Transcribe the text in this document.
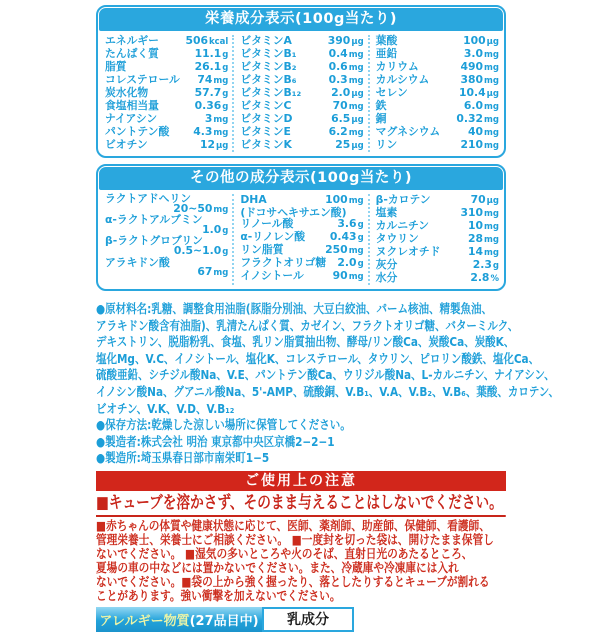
栄養成分表示(100g当たり)
エネルギー 506 kcal
たんぱく質	11.1 g
脂質	26.1 g
コレステロール 74 mg
炭水化物	57.7 g
食塩相当量	0.36 g
ナイアシン	3 mg
パントテン酸 4.3 mg
ビオチン	12 µg
ビタミンA	390 µg
ビタミンB₁	0.4 mg
ビタミンB₂	0.6 mg
ビタミンB₆	0.3 mg
ビタミンB₁₂	2.0 µg
ビタミンC	70 mg
ビタミンD	6.5 µg
ビタミンE	6.2 mg
ビタミンK	25 µg
葉酸	100 µg
亜鉛	3.0 mg
カリウム	490 mg
カルシウム	380 mg
セレン	10.4 µg
鉄	6.0 mg
銅	0.32 mg
マグネシウム	40 mg
リン	210 mg
その他の成分表示(100g当たり)
ラクトアドヘリン
20~50 mg
α-ラクトアルブミン
1.0 g
β-ラクトグロブリン
0.5~1.0 g
アラキドン酸
67 mg
DHA	100 mg
(ドコサヘキサエン酸)
リノール酸	3.6 g
α-リノレン酸 0.43 g
リン脂質	250 mg
フラクトオリゴ糖 2.0 g
イノシトール	90 mg
β-カロテン	70 µg
塩素	310 mg
カルニチン	10 mg
タウリン	28 mg
ヌクレオチド	14 mg
灰分	2.3 g
水分	2.8 %
●原材料名:乳糖、調整食用油脂(豚脂分別油、大豆白絞油、パーム核油、精製魚油、
アラキドン酸含有油脂)、乳清たんぱく質、カゼイン、フラクトオリゴ糖、バターミルク、
デキストリン、脱脂粉乳、食塩、乳リン脂質抽出物、酵母/リン酸Ca、炭酸Ca、炭酸K、
塩化Mg、V.C、イノシトール、塩化K、コレステロール、タウリン、ピロリン酸鉄、塩化Ca、
硫酸亜鉛、シチジル酸Na、V.E、パントテン酸Ca、ウリジル酸Na、L-カルニチン、ナイアシン、
イノシン酸Na、グアニル酸Na、5'-AMP、硫酸銅、V.B₁、V.A、V.B₂、V.B₆、葉酸、カロテン、
ビオチン、V.K、V.D、V.B₁₂
●保存方法:乾燥した涼しい場所に保管してください。
●製造者:株式会社 明治 東京都中央区京橋2−2−1
●製造所:埼玉県春日部市南栄町1−5
ご使用上の注意
■キューブを溶かさず、そのまま与えることはしないでください。
■赤ちゃんの体質や健康状態に応じて、医師、薬剤師、助産師、保健師、看護師、
管理栄養士、栄養士にご相談ください。 ■一度封を切った袋は、開けたまま保管し
ないでください。 ■湿気の多いところや火のそば、直射日光のあたるところ、
夏場の車の中などには置かないでください。また、冷蔵庫や冷凍庫には入れ
ないでください。■袋の上から強く握ったり、落としたりするとキューブが割れる
ことがあります。強い衝撃を加えないでください。
アレルギー物質 (27品目中)	乳成分
